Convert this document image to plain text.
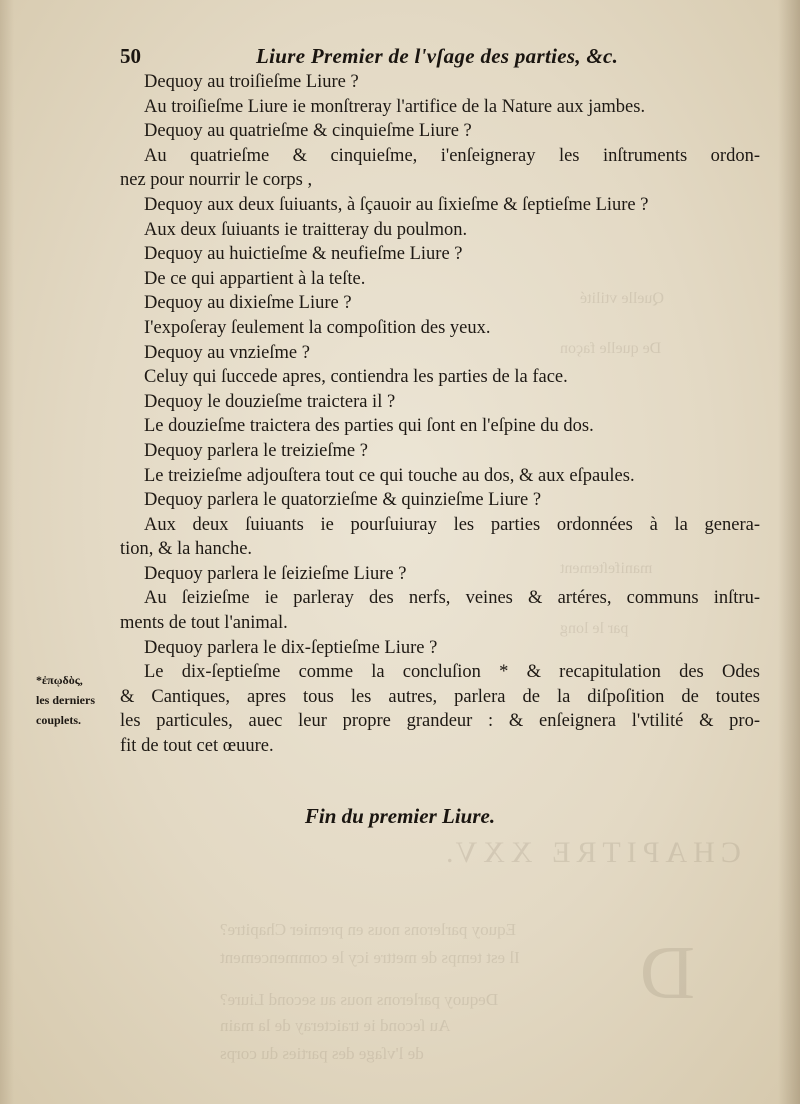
CHAPITRE XXV.
D
Equoy parlerons nous en premier Chapitre?
Il est temps de mettre icy le commencement
Dequoy parlerons nous au second Liure?
Au ſecond ie traicteray de la main
de l'vſage des parties du corps
Quelle vtilité
De quelle façon
manifeſtement
par le long
50	Liure Premier de l'vſage des parties, &c.
Dequoy au troiſieſme Liure ?
Au troiſieſme Liure ie monſtreray l'artifice de la Nature aux jambes.
Dequoy au quatrieſme & cinquieſme Liure ?
Au quatrieſme & cinquieſme, i'enſeigneray les inſtruments ordon-
nez pour nourrir le corps ,
Dequoy aux deux ſuiuants, à ſçauoir au ſixieſme & ſeptieſme Liure ?
Aux deux ſuiuants ie traitteray du poulmon.
Dequoy au huictieſme & neufieſme Liure ?
De ce qui appartient à la teſte.
Dequoy au dixieſme Liure ?
I'expoſeray ſeulement la compoſition des yeux.
Dequoy au vnzieſme ?
Celuy qui ſuccede apres, contiendra les parties de la face.
Dequoy le douzieſme traictera il ?
Le douzieſme traictera des parties qui ſont en l'eſpine du dos.
Dequoy parlera le treizieſme ?
Le treizieſme adjouſtera tout ce qui touche au dos, & aux eſpaules.
Dequoy parlera le quatorzieſme & quinzieſme Liure ?
Aux deux ſuiuants ie pourſuiuray les parties ordonnées à la genera-
tion, & la hanche.
Dequoy parlera le ſeizieſme Liure ?
Au ſeizieſme ie parleray des nerfs, veines & artéres, communs inſtru-
ments de tout l'animal.
Dequoy parlera le dix-ſeptieſme Liure ?
Le dix-ſeptieſme comme la concluſion * & recapitulation des Odes
& Cantiques, apres tous les autres, parlera de la diſpoſition de toutes
les particules, auec leur propre grandeur : & enſeignera l'vtilité & pro-
fit de tout cet œuure.
*ἐπῳδὸς,
les derniers
couplets.
Fin du premier Liure.
